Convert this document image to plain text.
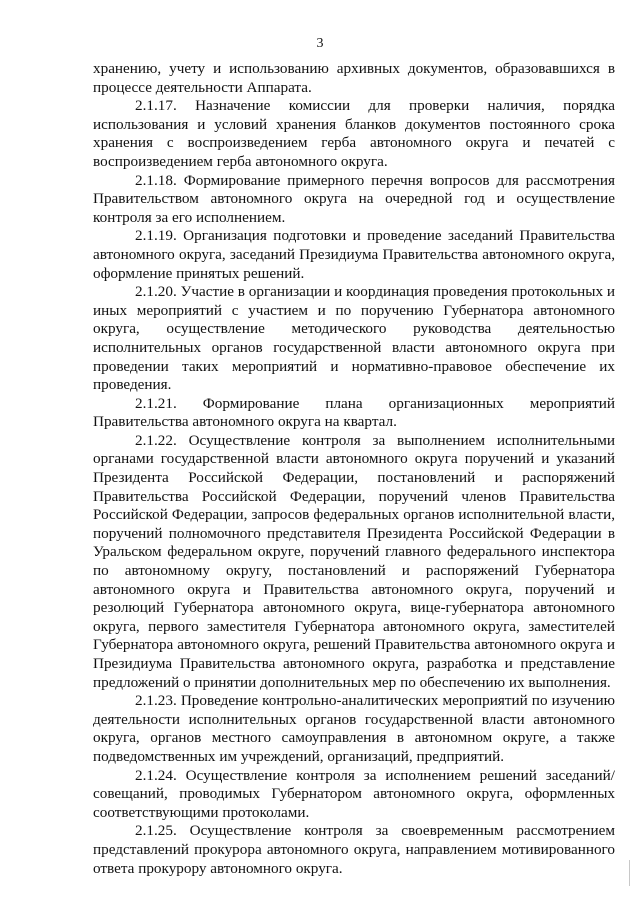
3

хранению, учету и использованию архивных документов, образовавшихся в процессе деятельности Аппарата.

2.1.17. Назначение комиссии для проверки наличия, порядка использования и условий хранения бланков документов постоянного срока хранения с воспроизведением герба автономного округа и печатей с воспроизведением герба автономного округа.

2.1.18. Формирование примерного перечня вопросов для рассмотрения Правительством автономного округа на очередной год и осуществление контроля за его исполнением.

2.1.19. Организация подготовки и проведение заседаний Правительства автономного округа, заседаний Президиума Правительства автономного округа, оформление принятых решений.

2.1.20. Участие в организации и координация проведения протокольных и иных мероприятий с участием и по поручению Губернатора автономного округа, осуществление методического руководства деятельностью исполнительных органов государственной власти автономного округа при проведении таких мероприятий и нормативно-правовое обеспечение их проведения.

2.1.21. Формирование плана организационных мероприятий Правительства автономного округа на квартал.

2.1.22. Осуществление контроля за выполнением исполнительными органами государственной власти автономного округа поручений и указаний Президента Российской Федерации, постановлений и распоряжений Правительства Российской Федерации, поручений членов Правительства Российской Федерации, запросов федеральных органов исполнительной власти, поручений полномочного представителя Президента Российской Федерации в Уральском федеральном округе, поручений главного федерального инспектора по автономному округу, постановлений и распоряжений Губернатора автономного округа и Правительства автономного округа, поручений и резолюций Губернатора автономного округа, вице-губернатора автономного округа, первого заместителя Губернатора автономного округа, заместителей Губернатора автономного округа, решений Правительства автономного округа и Президиума Правительства автономного округа, разработка и представление предложений о принятии дополнительных мер по обеспечению их выполнения.

2.1.23. Проведение контрольно-аналитических мероприятий по изучению деятельности исполнительных органов государственной власти автономного округа, органов местного самоуправления в автономном округе, а также подведомственных им учреждений, организаций, предприятий.

2.1.24. Осуществление контроля за исполнением решений заседаний/совещаний, проводимых Губернатором автономного округа, оформленных соответствующими протоколами.

2.1.25. Осуществление контроля за своевременным рассмотрением представлений прокурора автономного округа, направлением мотивированного ответа прокурору автономного округа.
